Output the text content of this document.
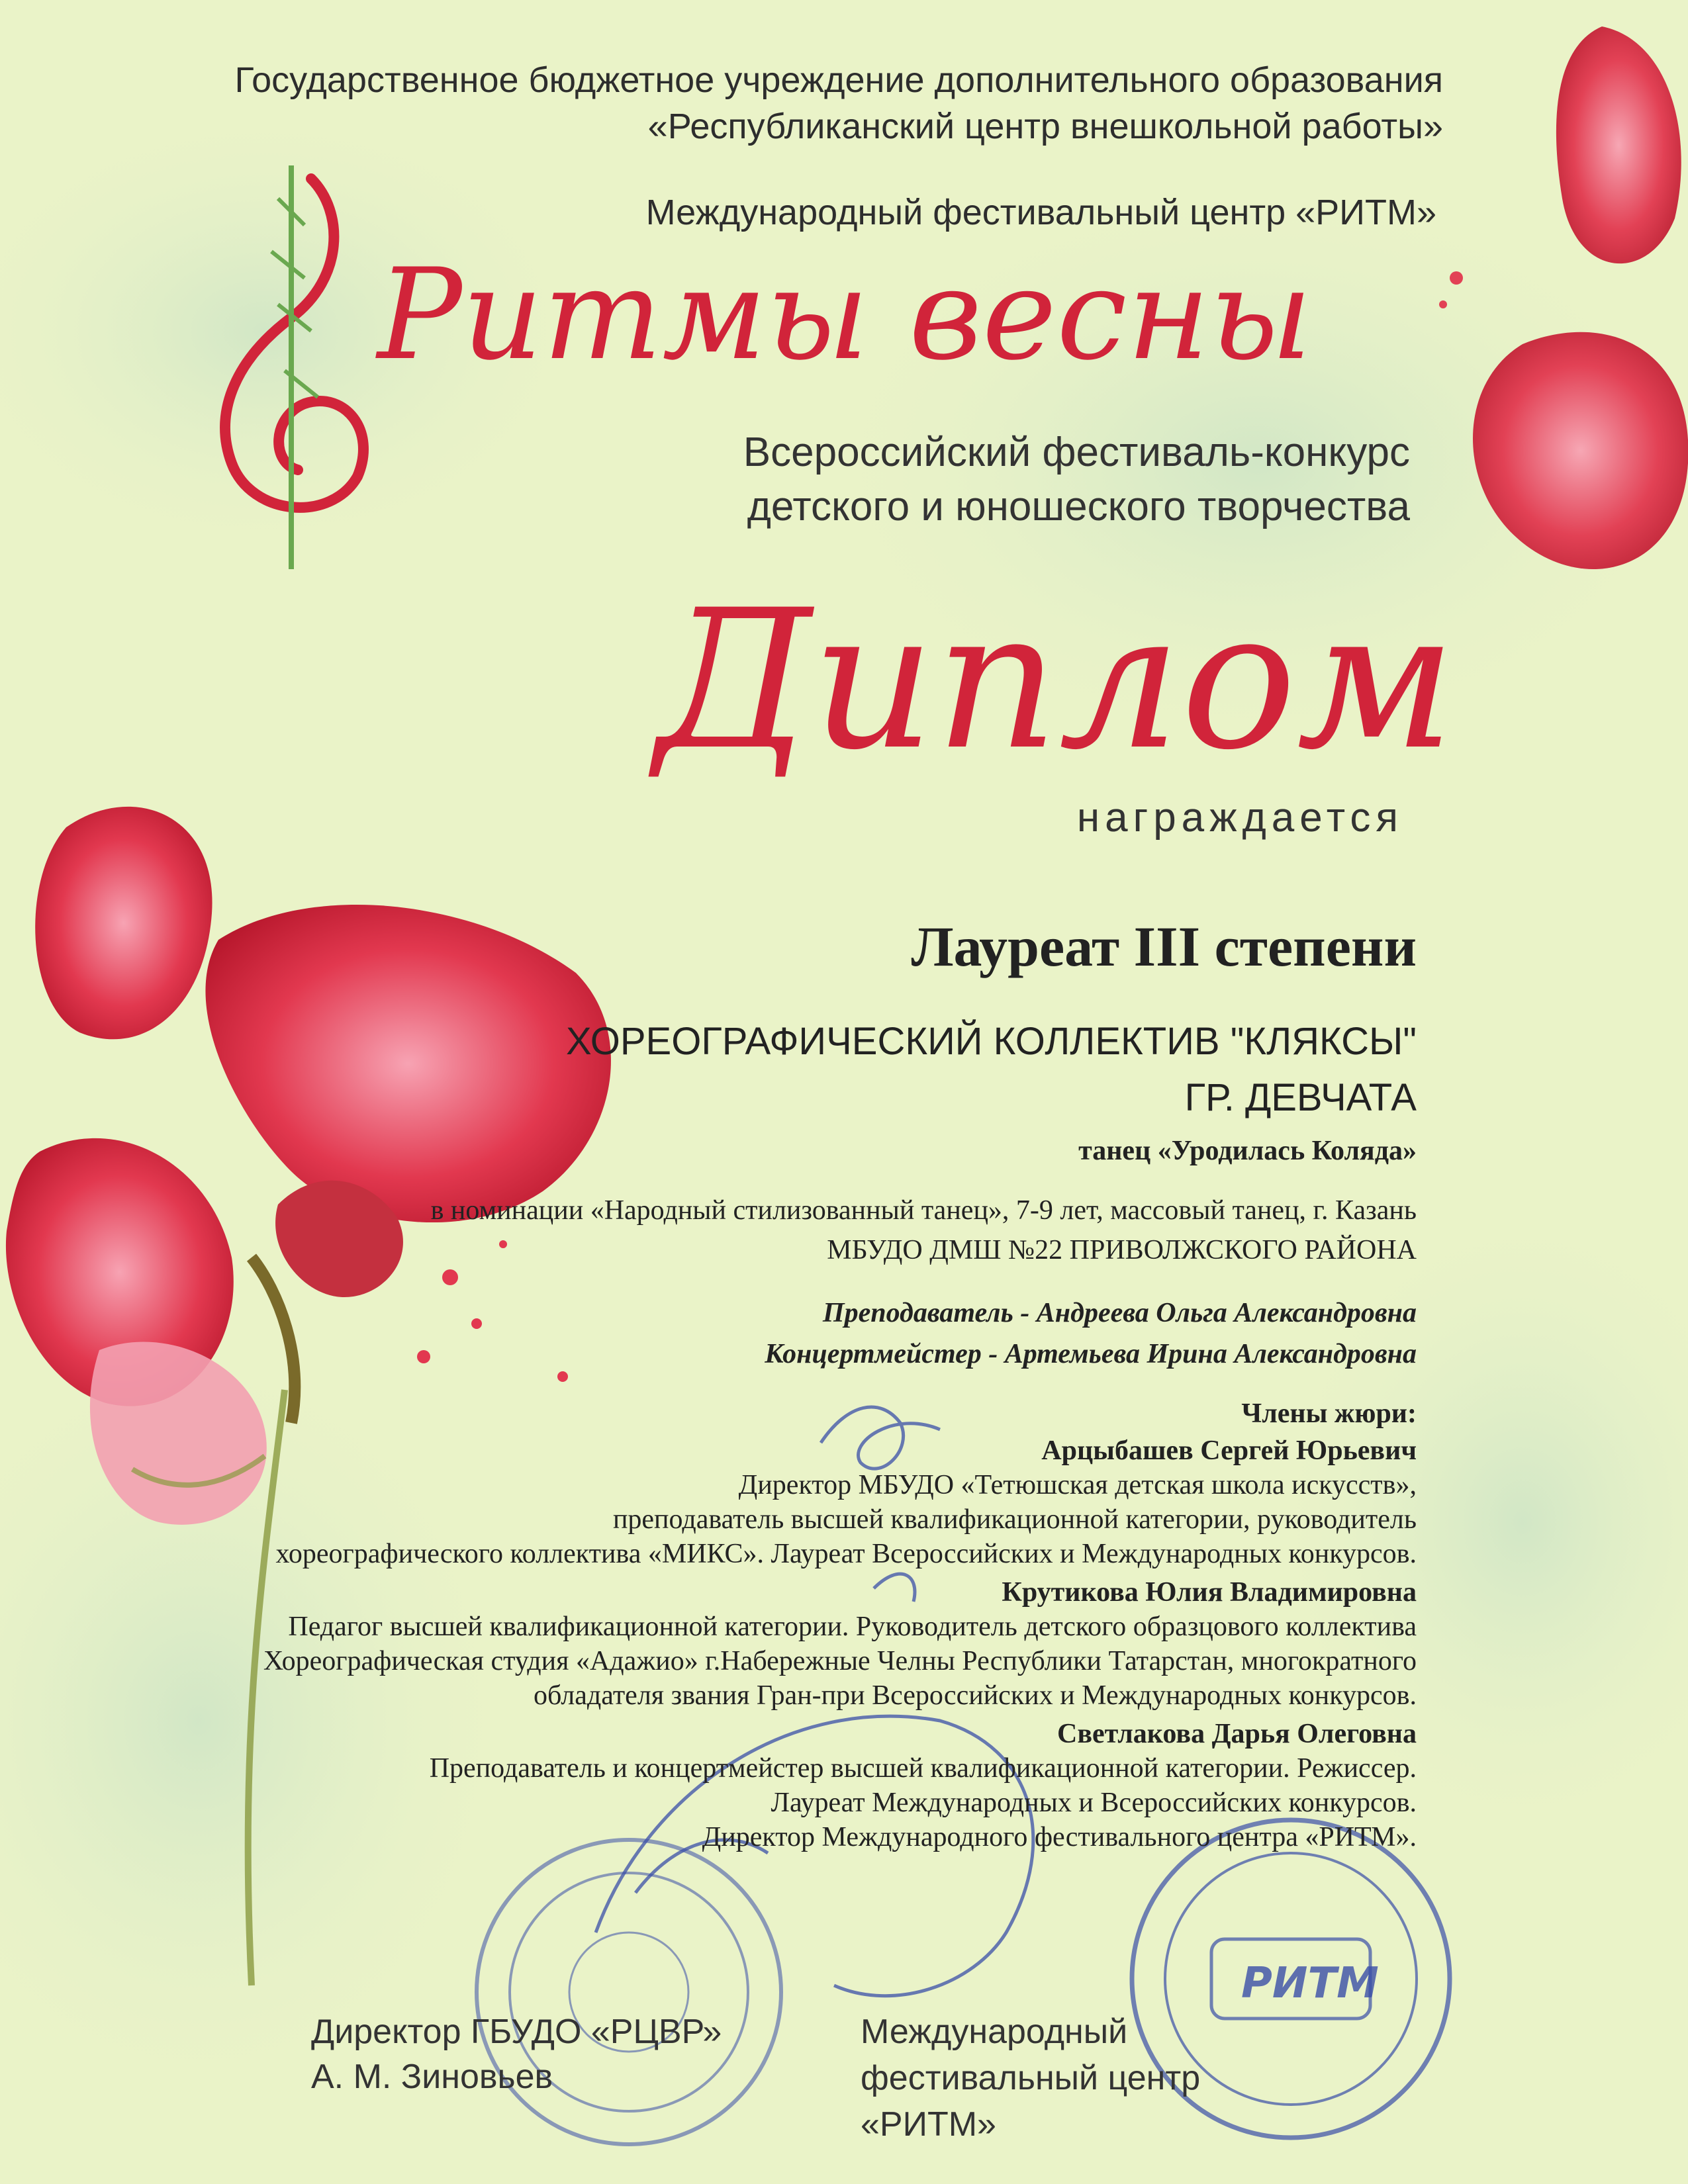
Государственное бюджетное учреждение дополнительного образования
«Республиканский центр внешкольной работы»
Международный фестивальный центр «РИТМ»
Ритмы весны
Всероссийский фестиваль-конкурс
детского и юношеского творчества
Диплом
награждается
Лауреат III степени
ХОРЕОГРАФИЧЕСКИЙ КОЛЛЕКТИВ "КЛЯКСЫ"
ГР. ДЕВЧАТА
танец «Уродилась Коляда»
в номинации «Народный стилизованный танец», 7-9 лет, массовый танец, г. Казань
МБУДО ДМШ №22 ПРИВОЛЖСКОГО РАЙОНА
Преподаватель - Андреева Ольга Александровна
Концертмейстер - Артемьева Ирина Александровна
Члены жюри:
Арцыбашев Сергей Юрьевич
Директор МБУДО «Тетюшская детская школа искусств»,
преподаватель высшей квалификационной категории, руководитель
хореографического коллектива «МИКС». Лауреат Всероссийских и Международных конкурсов.
Крутикова Юлия Владимировна
Педагог высшей квалификационной категории. Руководитель детского образцового коллектива
Хореографическая студия «Адажио» г.Набережные Челны Республики Татарстан, многократного
обладателя звания Гран-при Всероссийских и Международных конкурсов.
Светлакова Дарья Олеговна
Преподаватель и концертмейстер высшей квалификационной категории. Режиссер.
Лауреат Международных и Всероссийских конкурсов.
Директор Международного фестивального центра «РИТМ».
Директор ГБУДО «РЦВР»
А. М. Зиновьев
Международный
фестивальный центр
«РИТМ»
РИТМ
